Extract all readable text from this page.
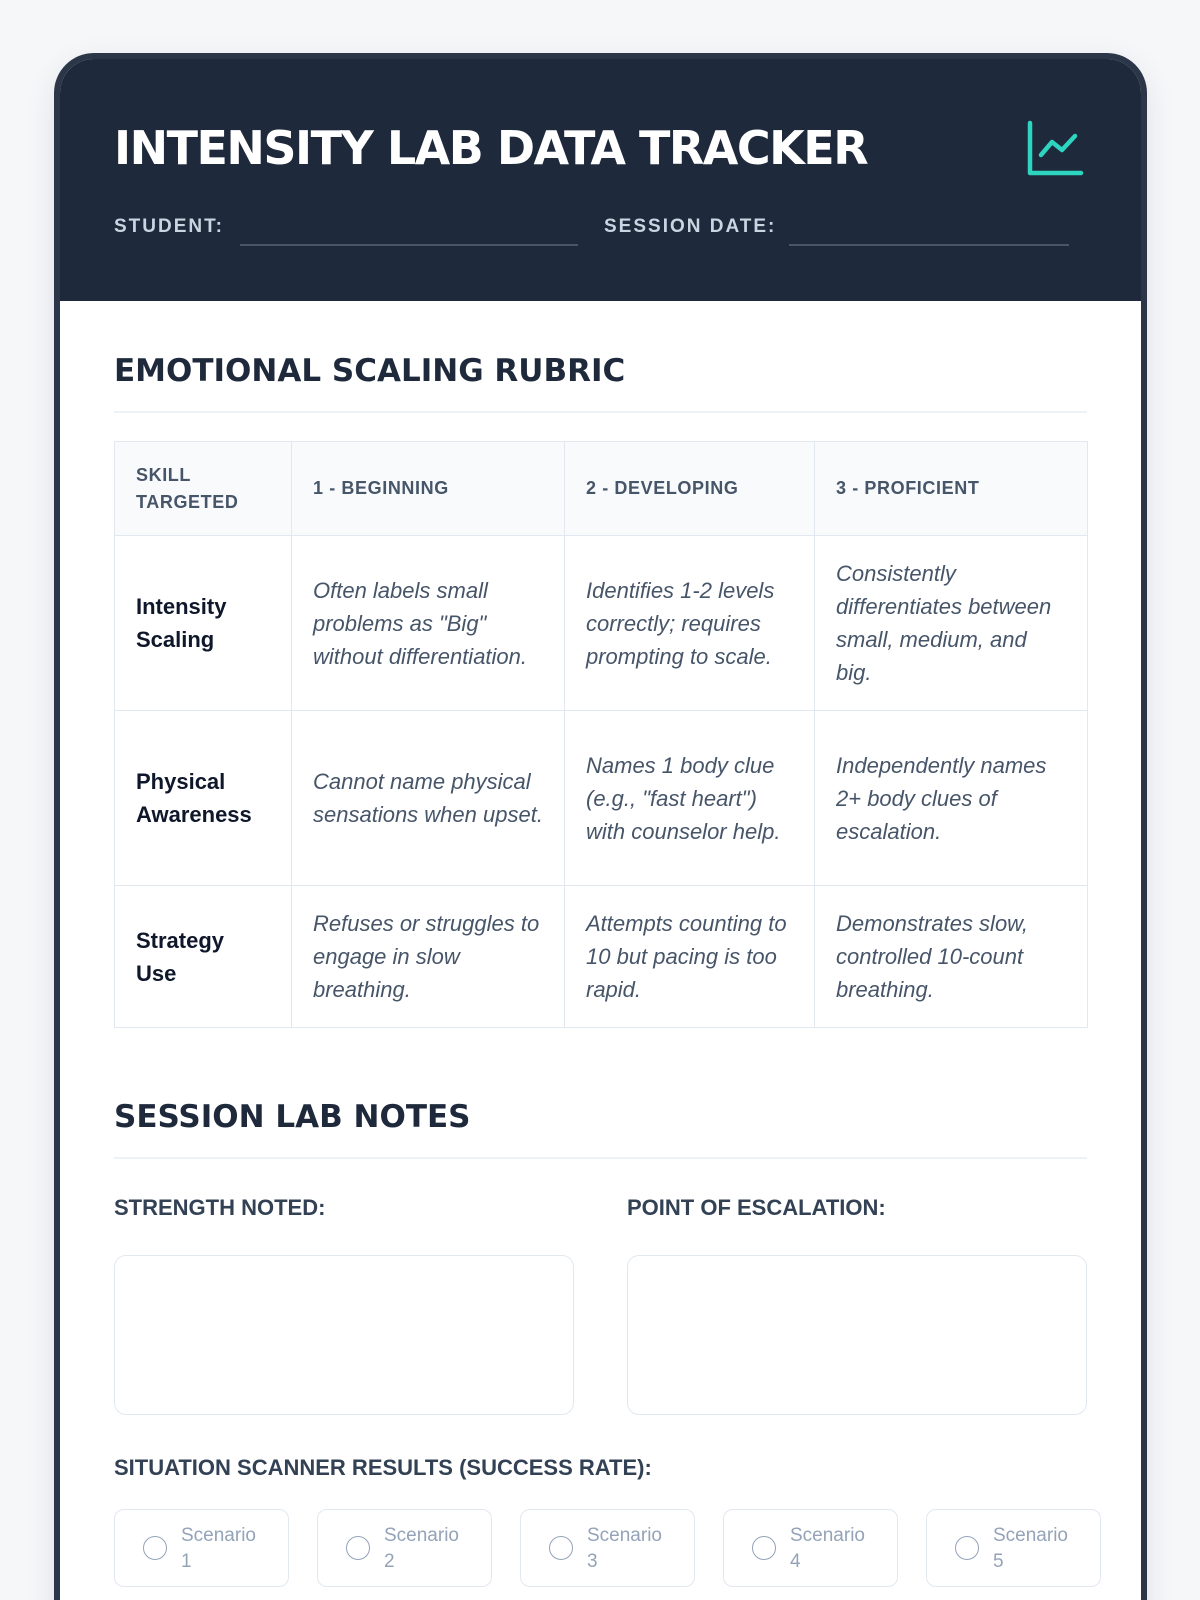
INTENSITY LAB DATA TRACKER
STUDENT:	SESSION DATE:
EMOTIONAL SCALING RUBRIC
SKILL TARGETED	1 - BEGINNING	2 - DEVELOPING	3 - PROFICIENT
Intensity Scaling	Often labels small problems as "Big" without differentiation.	Identifies 1-2 levels correctly; requires prompting to scale.	Consistently differentiates between small, medium, and big.
Physical Awareness	Cannot name physical sensations when upset.	Names 1 body clue (e.g., "fast heart") with counselor help.	Independently names 2+ body clues of escalation.
Strategy Use	Refuses or struggles to engage in slow breathing.	Attempts counting to 10 but pacing is too rapid.	Demonstrates slow, controlled 10-count breathing.
SESSION LAB NOTES
STRENGTH NOTED:	POINT OF ESCALATION:
SITUATION SCANNER RESULTS (SUCCESS RATE):
Scenario
1
Scenario
2
Scenario
3
Scenario
4
Scenario
5
